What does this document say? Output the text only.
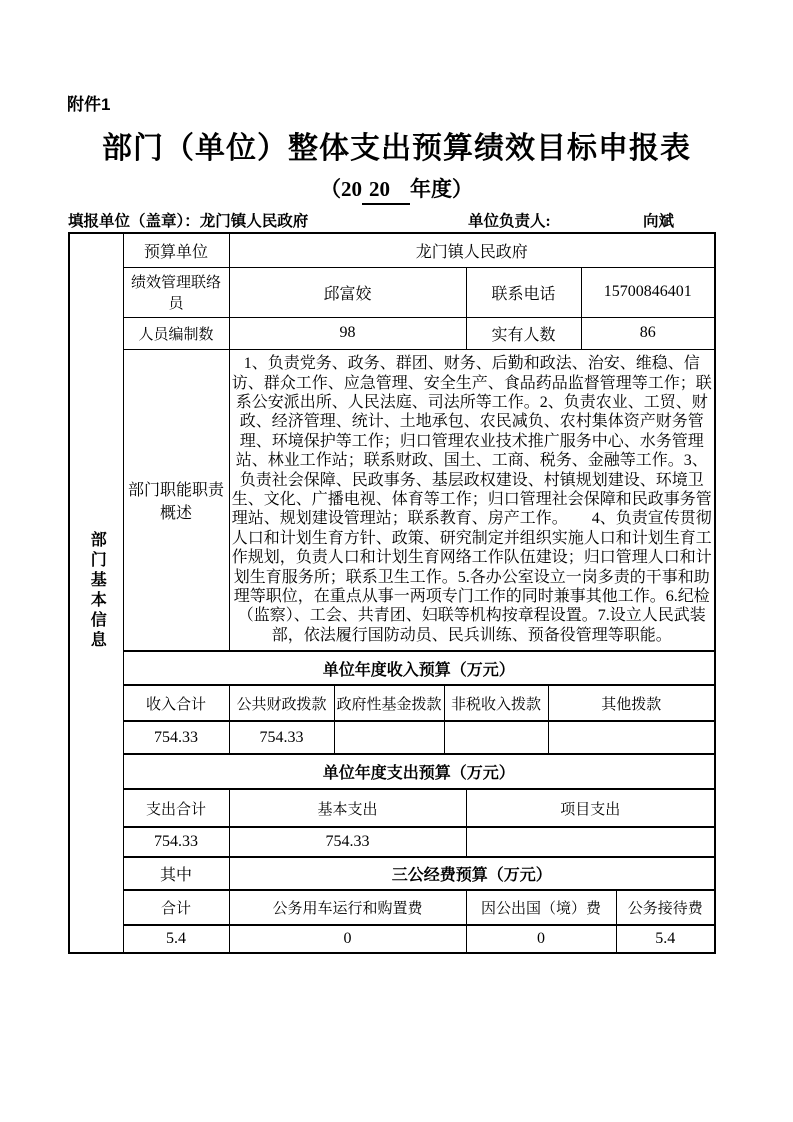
附件1
部门（单位）整体支出预算绩效目标申报表
（20 20 年度）
填报单位（盖章）：龙门镇人民政府	单位负责人:	向斌
部门基本信息	预算单位	龙门镇人民政府						
	绩效管理联络员	邱富姣			联系电话		15700846401	
	人员编制数	98			实有人数		86	
	部门职能职责概述	1、负责党务、政务、群团、财务、后勤和政法、治安、维稳、信访、群众工作、应急管理、安全生产、食品药品监督管理等工作；联系公安派出所、人民法庭、司法所等工作。2、负责农业、工贸、财政、经济管理、统计、土地承包、农民减负、农村集体资产财务管理、环境保护等工作；归口管理农业技术推广服务中心、水务管理站、林业工作站；联系财政、国土、工商、税务、金融等工作。3、负责社会保障、民政事务、基层政权建设、村镇规划建设、环境卫生、文化、广播电视、体育等工作；归口管理社会保障和民政事务管理站、规划建设管理站；联系教育、房产工作。　　4、负责宣传贯彻人口和计划生育方针、政策、研究制定并组织实施人口和计划生育工作规划，负责人口和计划生育网络工作队伍建设；归口管理人口和计划生育服务所；联系卫生工作。5.各办公室设立一岗多责的干事和助理等职位，在重点从事一两项专门工作的同时兼事其他工作。6.纪检（监察）、工会、共青团、妇联等机构按章程设置。7.设立人民武装部，依法履行国防动员、民兵训练、预备役管理等职能。						
	单位年度收入预算（万元）							
	收入合计	公共财政拨款	政府性基金拨款	非税收入拨款		其他拨款		
	754.33	754.33						
	单位年度支出预算（万元）							
	支出合计	基本支出			项目支出			
	754.33	754.33						
	其中	三公经费预算（万元）						
	合计	公务用车运行和购置费			因公出国（境）费			公务接待费
	5.4	0			0			5.4
